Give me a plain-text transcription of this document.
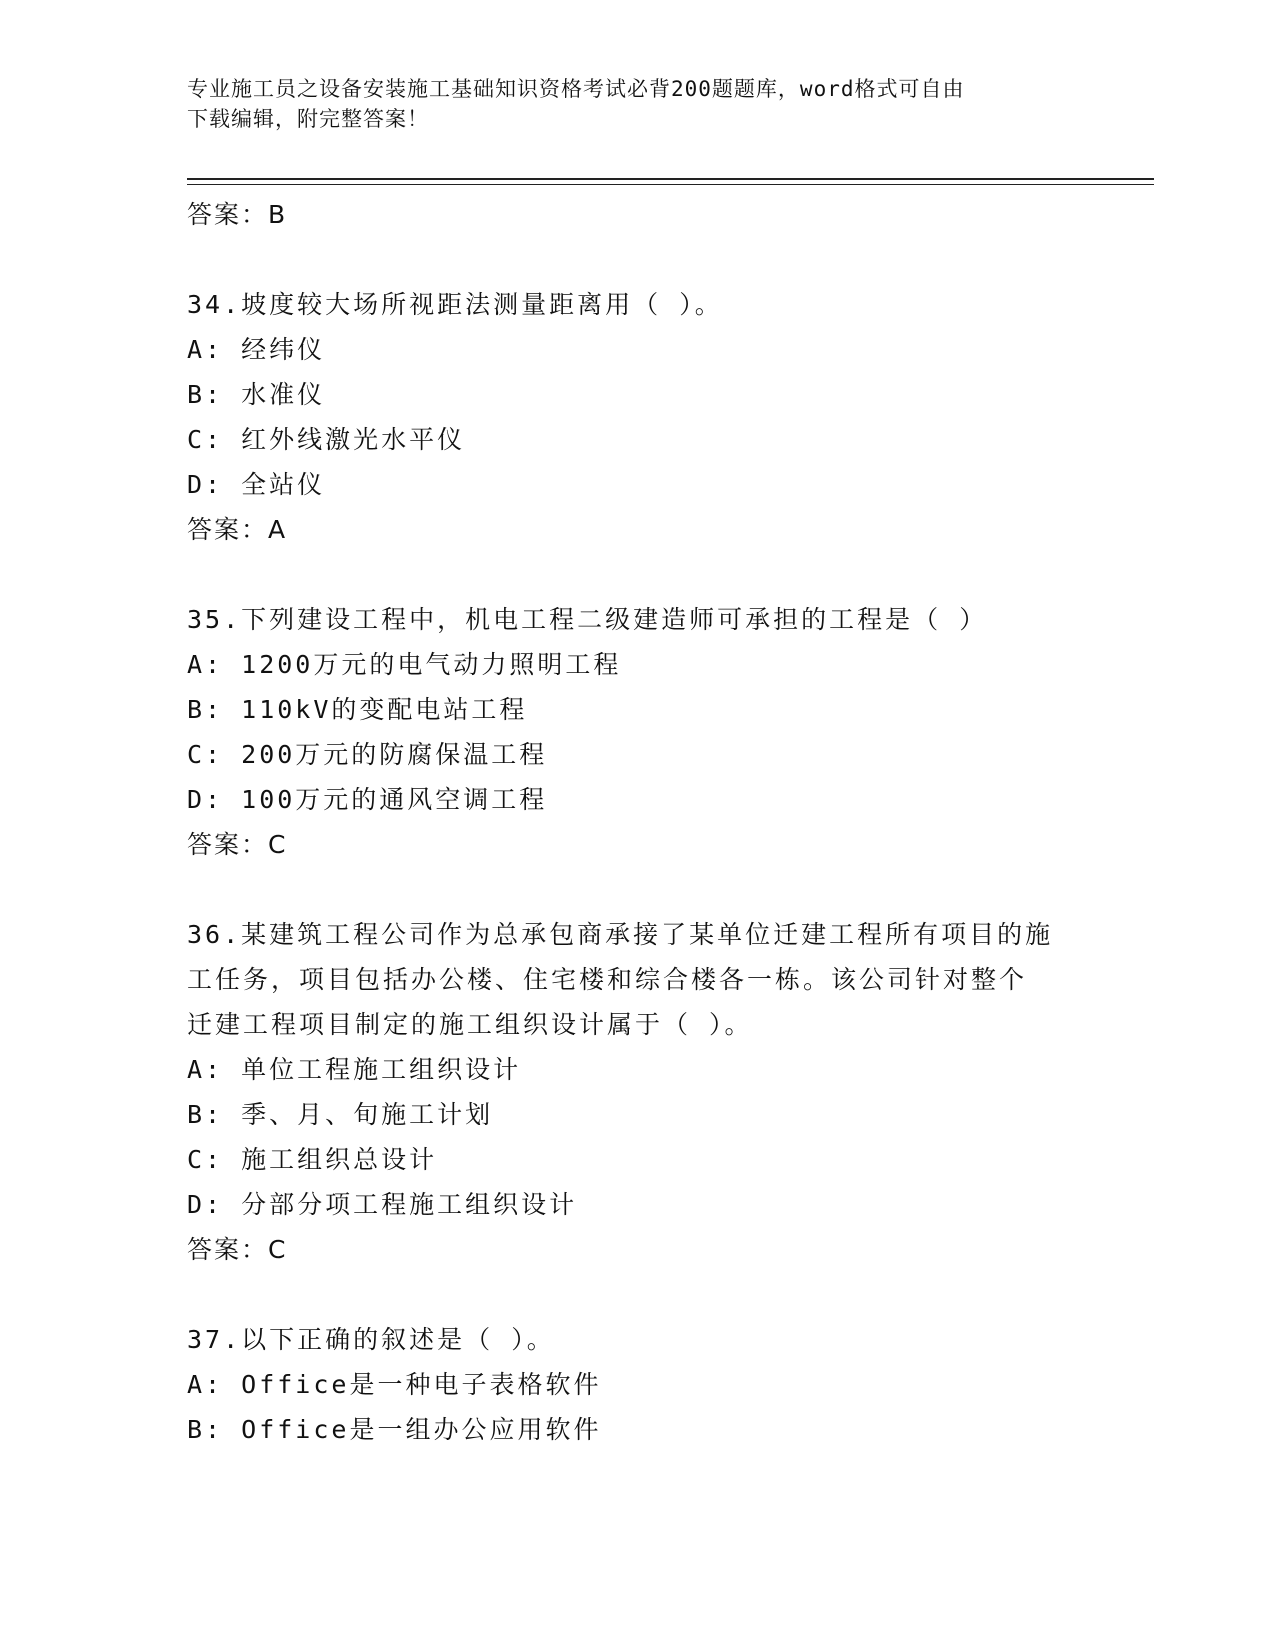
专业施工员之设备安装施工基础知识资格考试必背200题题库，word格式可自由
下载编辑，附完整答案！

答案：B

34.坡度较大场所视距法测量距离用（ ）。

A: 经纬仪

B: 水准仪

C: 红外线激光水平仪

D: 全站仪

答案：A

35.下列建设工程中，机电工程二级建造师可承担的工程是（ ）

A: 1200万元的电气动力照明工程

B: 110kV的变配电站工程

C: 200万元的防腐保温工程

D: 100万元的通风空调工程

答案：C

36.某建筑工程公司作为总承包商承接了某单位迁建工程所有项目的施

工任务，项目包括办公楼、住宅楼和综合楼各一栋。该公司针对整个

迁建工程项目制定的施工组织设计属于（ ）。

A: 单位工程施工组织设计

B: 季、月、旬施工计划

C: 施工组织总设计

D: 分部分项工程施工组织设计

答案：C

37.以下正确的叙述是（ ）。

A: Office是一种电子表格软件

B: Office是一组办公应用软件
